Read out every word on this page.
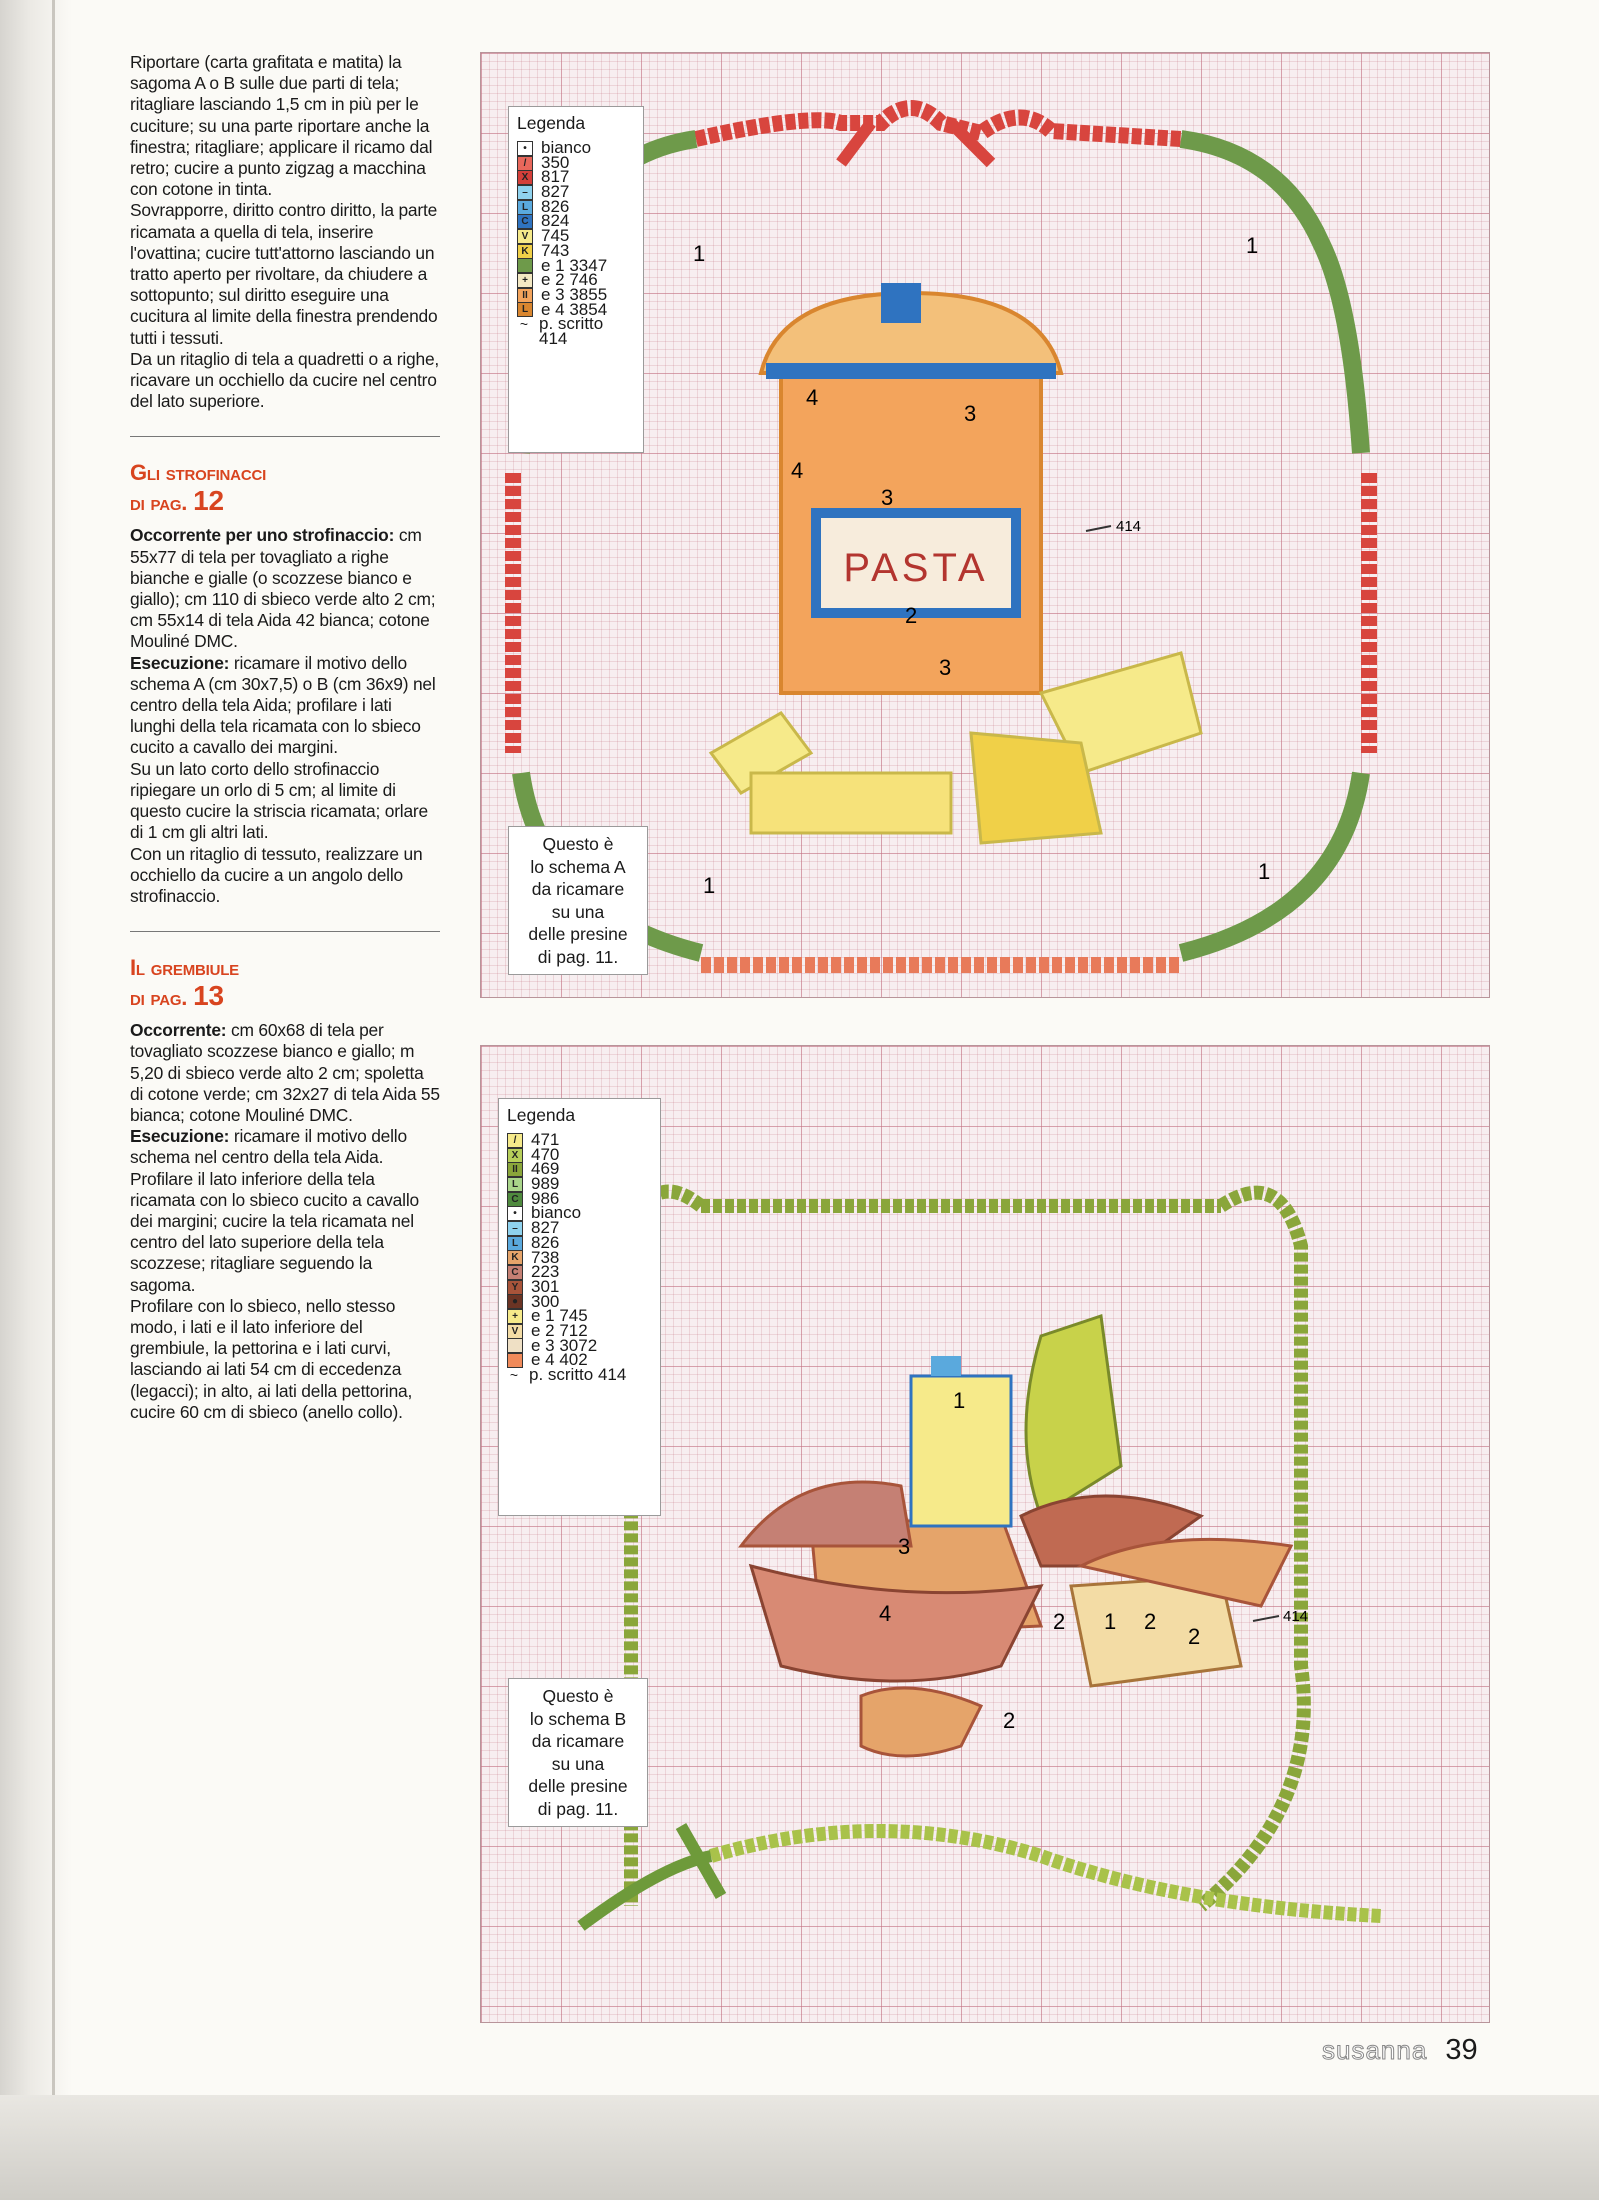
Riportare (carta grafitata e matita) la sagoma A o B sulle due parti di tela; ritagliare lasciando 1,5 cm in più per le cuciture; su una parte riportare anche la finestra; ritagliare; applicare il ricamo dal retro; cucire a punto zigzag a macchina con cotone in tinta.

Sovrapporre, diritto contro diritto, la parte ricamata a quella di tela, inserire l'ovattina; cucire tutt'attorno lasciando un tratto aperto per rivoltare, da chiudere a sottopunto; sul diritto eseguire una cucitura al limite della finestra prendendo tutti i tessuti.

Da un ritaglio di tela a quadretti o a righe, ricavare un occhiello da cucire nel centro del lato superiore.

Gli strofinacci
di pag. 12

Occorrente per uno strofinaccio: cm 55x77 di tela per tovagliato a righe bianche e gialle (o scozzese bianco e giallo); cm 110 di sbieco verde alto 2 cm; cm 55x14 di tela Aida 42 bianca; cotone Mouliné DMC.

Esecuzione: ricamare il motivo dello schema A (cm 30x7,5) o B (cm 36x9) nel centro della tela Aida; profilare i lati lunghi della tela ricamata con lo sbieco cucito a cavallo dei margini.

Su un lato corto dello strofinaccio ripiegare un orlo di 5 cm; al limite di questo cucire la striscia ricamata; orlare di 1 cm gli altri lati.

Con un ritaglio di tessuto, realizzare un occhiello da cucire a un angolo dello strofinaccio.

Il grembiule
di pag. 13

Occorrente: cm 60x68 di tela per tovagliato scozzese bianco e giallo; m 5,20 di sbieco verde alto 2 cm; spoletta di cotone verde; cm 32x27 di tela Aida 55 bianca; cotone Mouliné DMC.

Esecuzione: ricamare il motivo dello schema nel centro della tela Aida.

Profilare il lato inferiore della tela ricamata con lo sbieco cucito a cavallo dei margini; cucire la tela ricamata nel centro del lato superiore della tela scozzese; ritagliare seguendo la sagoma.

Profilare con lo sbieco, nello stesso modo, i lati e il lato inferiore del grembiule, la pettorina e i lati curvi, lasciando ai lati 54 cm di eccedenza (legacci); in alto, ai lati della pettorina, cucire 60 cm di sbieco (anello collo).

PASTA
1	1
1
1
4
4
3
3
3
2
414
Legenda
• bianco
/ 350
X 817
– 827
L 826
C 824
V 745
K 743
e 1 3347
+ e 2 746
II e 3 3855
L e 4 3854
~ p. scritto
414
Questo è
lo schema A
da ricamare
su una
delle presine
di pag. 11.
1
3
4	2 1 2
2
2
414
Legenda
/ 471
X 470
II 469
L 989
C 986
• bianco
– 827
L 826
K 738
C 223
Y 301
● 300
+ e 1 745
V e 2 712
e 3 3072
e 4 402
~ p. scritto 414
Questo è
lo schema B
da ricamare
su una
delle presine
di pag. 11.
susanna 39
